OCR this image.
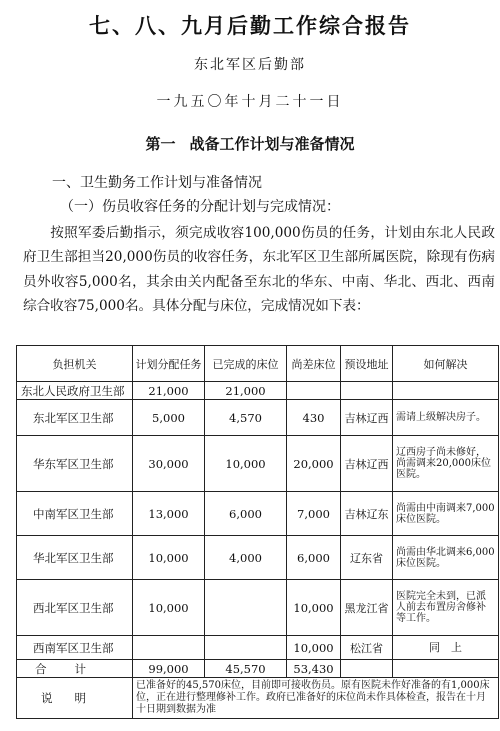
七、八、九月后勤工作综合报告
东北军区后勤部
一九五〇年十月二十一日
第一 战备工作计划与准备情况
一、卫生勤务工作计划与准备情况
（一）伤员收容任务的分配计划与完成情况：

按照军委后勤指示，须完成收容100,000伤员的任务，计划由东北人民政府卫生部担当20,000伤员的收容任务，东北军区卫生部所属医院，除现有伤病员外收容5,000名，其余由关内配备至东北的华东、中南、华北、西北、西南综合收容75,000名。具体分配与床位，完成情况如下表：

负担机关	计划分配任务	已完成的床位	尚差床位	预设地址	如何解决
东北人民政府卫生部	21,000	21,000			
东北军区卫生部	5,000	4,570	430	吉林辽西	需请上级解决房子。
华东军区卫生部	30,000	10,000	20,000	吉林辽西	辽西房子尚未修好，尚需调来20,000床位医院。
中南军区卫生部	13,000	6,000	7,000	吉林辽东	尚需由中南调来7,000床位医院。
华北军区卫生部	10,000	4,000	6,000	辽东省	尚需由华北调来6,000床位医院。
西北军区卫生部	10,000		10,000	黑龙江省	医院完全未到，已派人前去布置房舍修补等工作。
西南军区卫生部			10,000	松江省	同　上
合计	99,000	45,570	53,430		
说明	已准备好的45,570床位，目前即可接收伤员。原有医院未作好准备的有1,000床位，正在进行整理修补工作。政府已准备好的床位尚未作具体检查，报告在十月十日期到数据为准				
